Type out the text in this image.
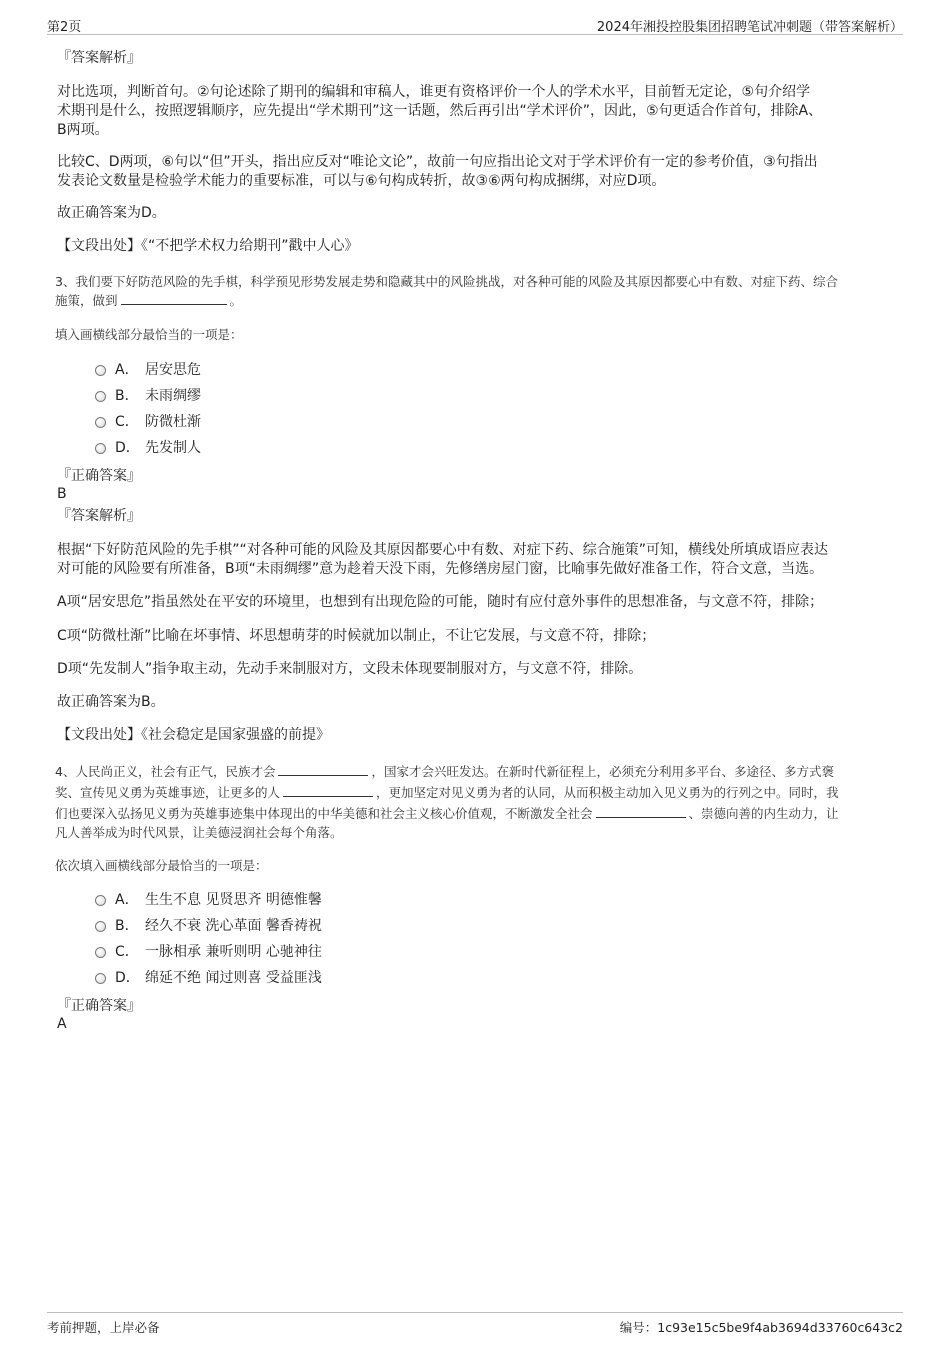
第2页	2024年湘投控股集团招聘笔试冲刺题（带答案解析）

『答案解析』

对比选项，判断首句。②句论述除了期刊的编辑和审稿人，谁更有资格评价一个人的学术水平，目前暂无定论，⑤句介绍学

术期刊是什么，按照逻辑顺序，应先提出“学术期刊”这一话题，然后再引出“学术评价”，因此，⑤句更适合作首句，排除A、

B两项。

比较C、D两项，⑥句以“但”开头，指出应反对“唯论文论”，故前一句应指出论文对于学术评价有一定的参考价值，③句指出

发表论文数量是检验学术能力的重要标准，可以与⑥句构成转折，故③⑥两句构成捆绑，对应D项。

故正确答案为D。

【文段出处】《“不把学术权力给期刊”戳中人心》

3、我们要下好防范风险的先手棋，科学预见形势发展走势和隐藏其中的风险挑战，对各种可能的风险及其原因都要心中有数、对症下药、综合

施策，做到	。

填入画横线部分最恰当的一项是：

A． 居安思危
B． 未雨绸缪
C． 防微杜渐
D． 先发制人

『正确答案』

B

『答案解析』

根据“下好防范风险的先手棋”“对各种可能的风险及其原因都要心中有数、对症下药、综合施策”可知，横线处所填成语应表达

对可能的风险要有所准备，B项“未雨绸缪”意为趁着天没下雨，先修缮房屋门窗，比喻事先做好准备工作，符合文意，当选。

A项“居安思危”指虽然处在平安的环境里，也想到有出现危险的可能，随时有应付意外事件的思想准备，与文意不符，排除；

C项“防微杜渐”比喻在坏事情、坏思想萌芽的时候就加以制止，不让它发展，与文意不符，排除；

D项“先发制人”指争取主动，先动手来制服对方，文段未体现要制服对方，与文意不符，排除。

故正确答案为B。

【文段出处】《社会稳定是国家强盛的前提》

4、人民尚正义，社会有正气，民族才会	，国家才会兴旺发达。在新时代新征程上，必须充分利用多平台、多途径、多方式褒

奖、宣传见义勇为英雄事迹，让更多的人	，更加坚定对见义勇为者的认同，从而积极主动加入见义勇为的行列之中。同时，我

们也要深入弘扬见义勇为英雄事迹集中体现出的中华美德和社会主义核心价值观，不断激发全社会	、崇德向善的内生动力，让

凡人善举成为时代风景，让美德浸润社会每个角落。

依次填入画横线部分最恰当的一项是：

A． 生生不息 见贤思齐 明德惟馨
B． 经久不衰 洗心革面 馨香祷祝
C． 一脉相承 兼听则明 心驰神往
D． 绵延不绝 闻过则喜 受益匪浅

『正确答案』

A

考前押题，上岸必备	编号：1c93e15c5be9f4ab3694d33760c643c2
